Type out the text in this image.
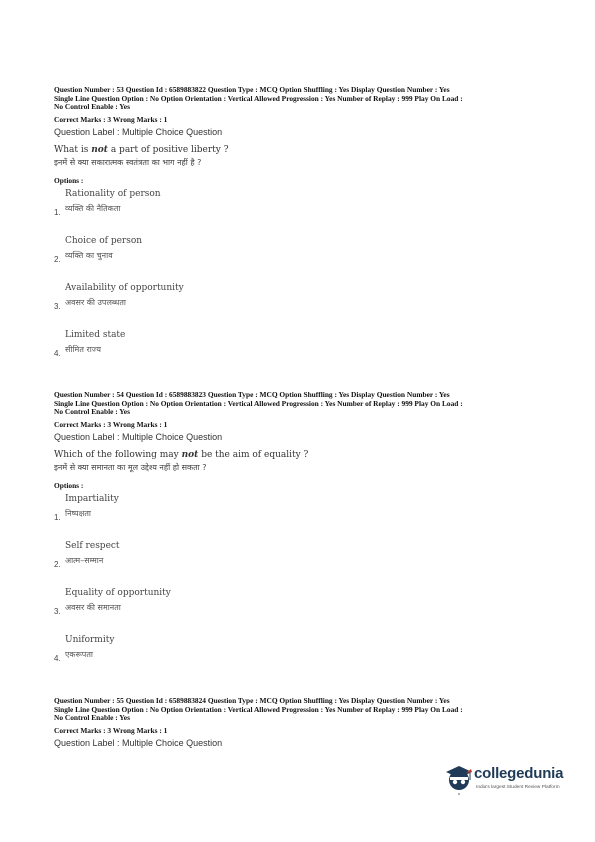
Question Number : 53 Question Id : 6589883822 Question Type : MCQ Option Shuffling : Yes Display Question Number : Yes
Single Line Question Option : No Option Orientation : Vertical Allowed Progression : Yes Number of Replay : 999 Play On Load :
No Control Enable : Yes
Correct Marks : 3 Wrong Marks : 1
Question Label : Multiple Choice Question
What is not a part of positive liberty ?
इनमें से क्या सकारात्मक स्वतंत्रता का भाग नहीं है ?
Options :
Rationality of person
व्यक्ति की नैतिकता
1.
Choice of person
व्यक्ति का चुनाव
2.
Availability of opportunity
अवसर की उपलब्धता
3.
Limited state
सीमित राज्य
4.
Question Number : 54 Question Id : 6589883823 Question Type : MCQ Option Shuffling : Yes Display Question Number : Yes
Single Line Question Option : No Option Orientation : Vertical Allowed Progression : Yes Number of Replay : 999 Play On Load :
No Control Enable : Yes
Correct Marks : 3 Wrong Marks : 1
Question Label : Multiple Choice Question
Which of the following may not be the aim of equality ?
इनमें से क्या समानता का मूल उद्देश्य नहीं हो सकता ?
Options :
Impartiality
निष्पक्षता
1.
Self respect
आत्म–सम्मान
2.
Equality of opportunity
अवसर की समानता
3.
Uniformity
एकरूपता
4.
Question Number : 55 Question Id : 6589883824 Question Type : MCQ Option Shuffling : Yes Display Question Number : Yes
Single Line Question Option : No Option Orientation : Vertical Allowed Progression : Yes Number of Replay : 999 Play On Load :
No Control Enable : Yes
Correct Marks : 3 Wrong Marks : 1
Question Label : Multiple Choice Question
collegedunia
India's largest Student Review Platform
